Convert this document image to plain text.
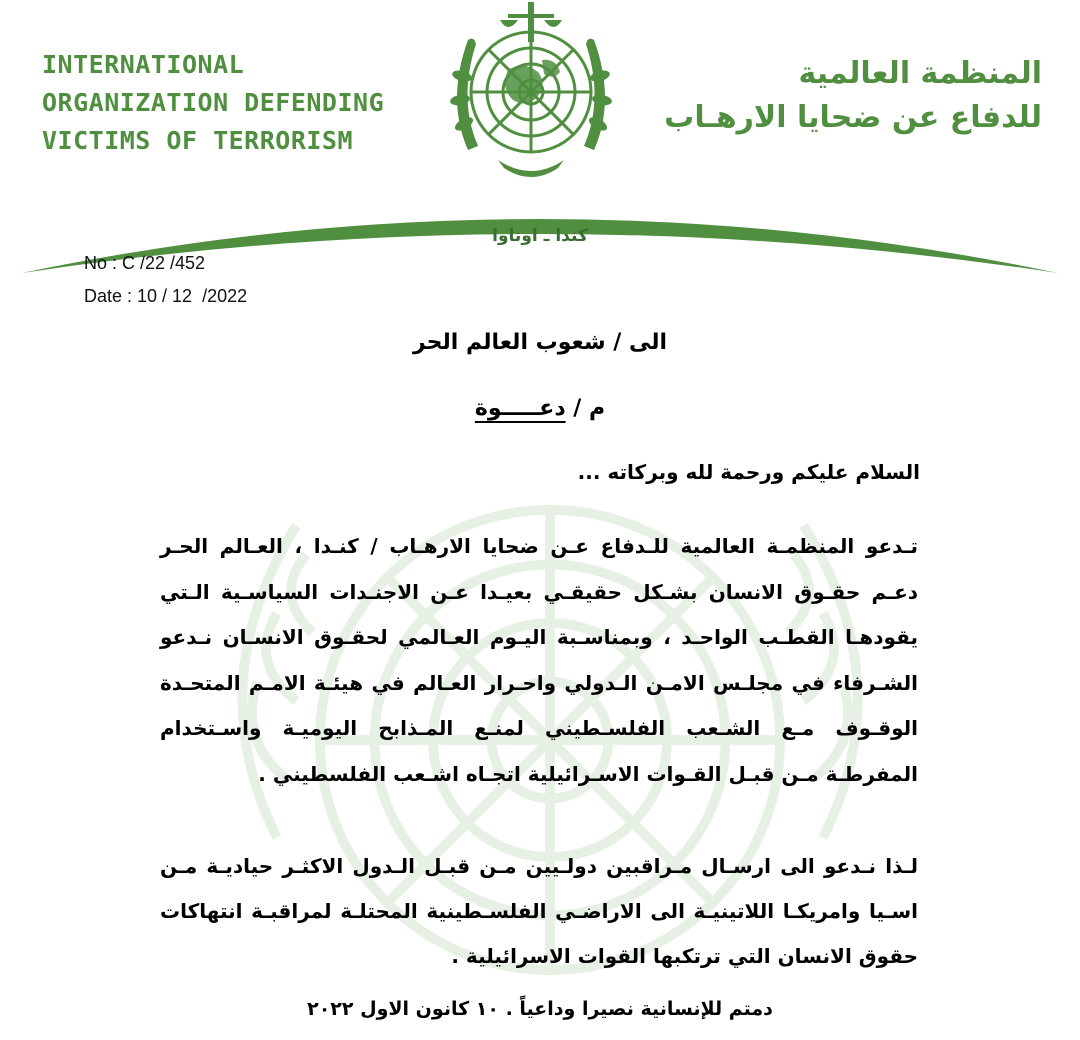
INTERNATIONAL
ORGANIZATION DEFENDING
VICTIMS OF TERRORISM
المنظمة العالمية
للدفاع عن ضحايا الارهـاب
كندا ـ اوتاوا
No : C /22 /452
Date : 10 / 12  /2022
الى / شعوب العالم الحر
م / دعـــــوة
السلام عليكم ورحمة لله وبركاته ...
تـدعو المنظمـة العالمية للـدفاع عـن ضحايا الارهـاب / كنـدا ، العـالم الحـر دعـم حقـوق الانسان بشـكل حقيقـي بعيـدا عـن الاجنـدات السياسـية الـتي يقودهـا القطـب الواحـد ، وبمناسـبة اليـوم العـالمي لحقـوق الانسـان نـدعو الشـرفاء في مجلـس الامـن الـدولي واحـرار العـالم في هيئـة الامـم المتحـدة الوقـوف مـع الشـعب الفلسـطيني لمنـع المـذابح اليوميـة واسـتخدام المفرطـة مـن قبـل القـوات الاسـرائيلية اتجـاه اشـعب الفلسطيني .
لـذا نـدعو الى ارسـال مـراقبين دولـيين مـن قبـل الـدول الاكثـر حياديـة مـن اسـيا وامريكـا اللاتينيـة الى الاراضـي الفلسـطينية المحتلـة لمراقبـة انتهاكات حقوق الانسان التي ترتكبها القوات الاسرائيلية .
دمتم للإنسانية نصيرا وداعياً . ١٠ كانون الاول ٢٠٢٢
